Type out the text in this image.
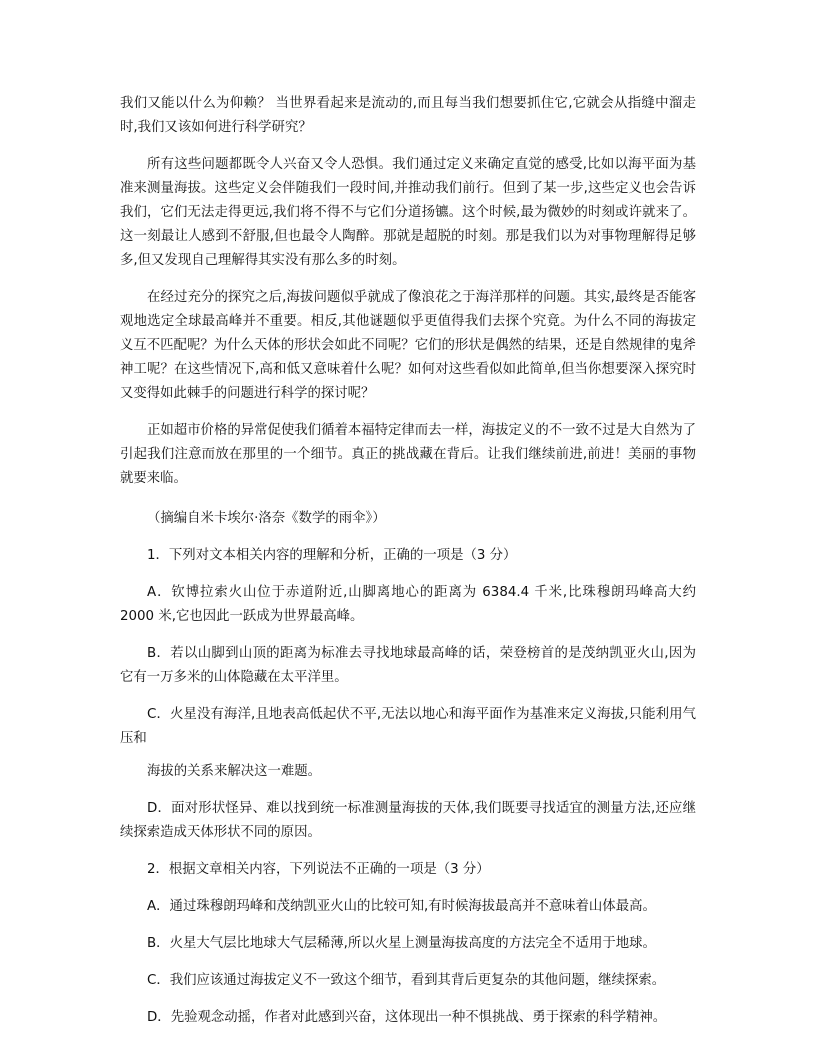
我们又能以什么为仰赖？ 当世界看起来是流动的,而且每当我们想要抓住它,它就会从指缝中溜走时,我们又该如何进行科学研究？

所有这些问题都既令人兴奋又令人恐惧。我们通过定义来确定直觉的感受,比如以海平面为基准来测量海拔。这些定义会伴随我们一段时间,并推动我们前行。但到了某一步,这些定义也会告诉我们，它们无法走得更远,我们将不得不与它们分道扬镳。这个时候,最为微妙的时刻或许就来了。这一刻最让人感到不舒服,但也最令人陶醉。那就是超脱的时刻。那是我们以为对事物理解得足够多,但又发现自己理解得其实没有那么多的时刻。

在经过充分的探究之后,海拔问题似乎就成了像浪花之于海洋那样的问题。其实,最终是否能客观地选定全球最高峰并不重要。相反,其他谜题似乎更值得我们去探个究竟。为什么不同的海拔定义互不匹配呢？为什么天体的形状会如此不同呢？它们的形状是偶然的结果，还是自然规律的鬼斧神工呢？在这些情况下,高和低又意味着什么呢？如何对这些看似如此简单,但当你想要深入探究时又变得如此棘手的问题进行科学的探讨呢？

正如超市价格的异常促使我们循着本福特定律而去一样，海拔定义的不一致不过是大自然为了引起我们注意而放在那里的一个细节。真正的挑战藏在背后。让我们继续前进,前进！美丽的事物就要来临。

（摘编自米卡埃尔·洛奈《数学的雨伞》）

1．下列对文本相关内容的理解和分析，正确的一项是（3 分）

A．钦博拉索火山位于赤道附近,山脚离地心的距离为 6384.4 千米,比珠穆朗玛峰高大约 2000 米,它也因此一跃成为世界最高峰。

B．若以山脚到山顶的距离为标准去寻找地球最高峰的话，荣登榜首的是茂纳凯亚火山,因为它有一万多米的山体隐藏在太平洋里。

C．火星没有海洋,且地表高低起伏不平,无法以地心和海平面作为基准来定义海拔,只能利用气压和

海拔的关系来解决这一难题。

D．面对形状怪异、难以找到统一标准测量海拔的天体,我们既要寻找适宜的测量方法,还应继续探索造成天体形状不同的原因。

2．根据文章相关内容，下列说法不正确的一项是（3 分）

A．通过珠穆朗玛峰和茂纳凯亚火山的比较可知,有时候海拔最高并不意味着山体最高。

B．火星大气层比地球大气层稀薄,所以火星上测量海拔高度的方法完全不适用于地球。

C．我们应该通过海拔定义不一致这个细节，看到其背后更复杂的其他问题，继续探索。

D．先验观念动摇，作者对此感到兴奋，这体现出一种不惧挑战、勇于探索的科学精神。
